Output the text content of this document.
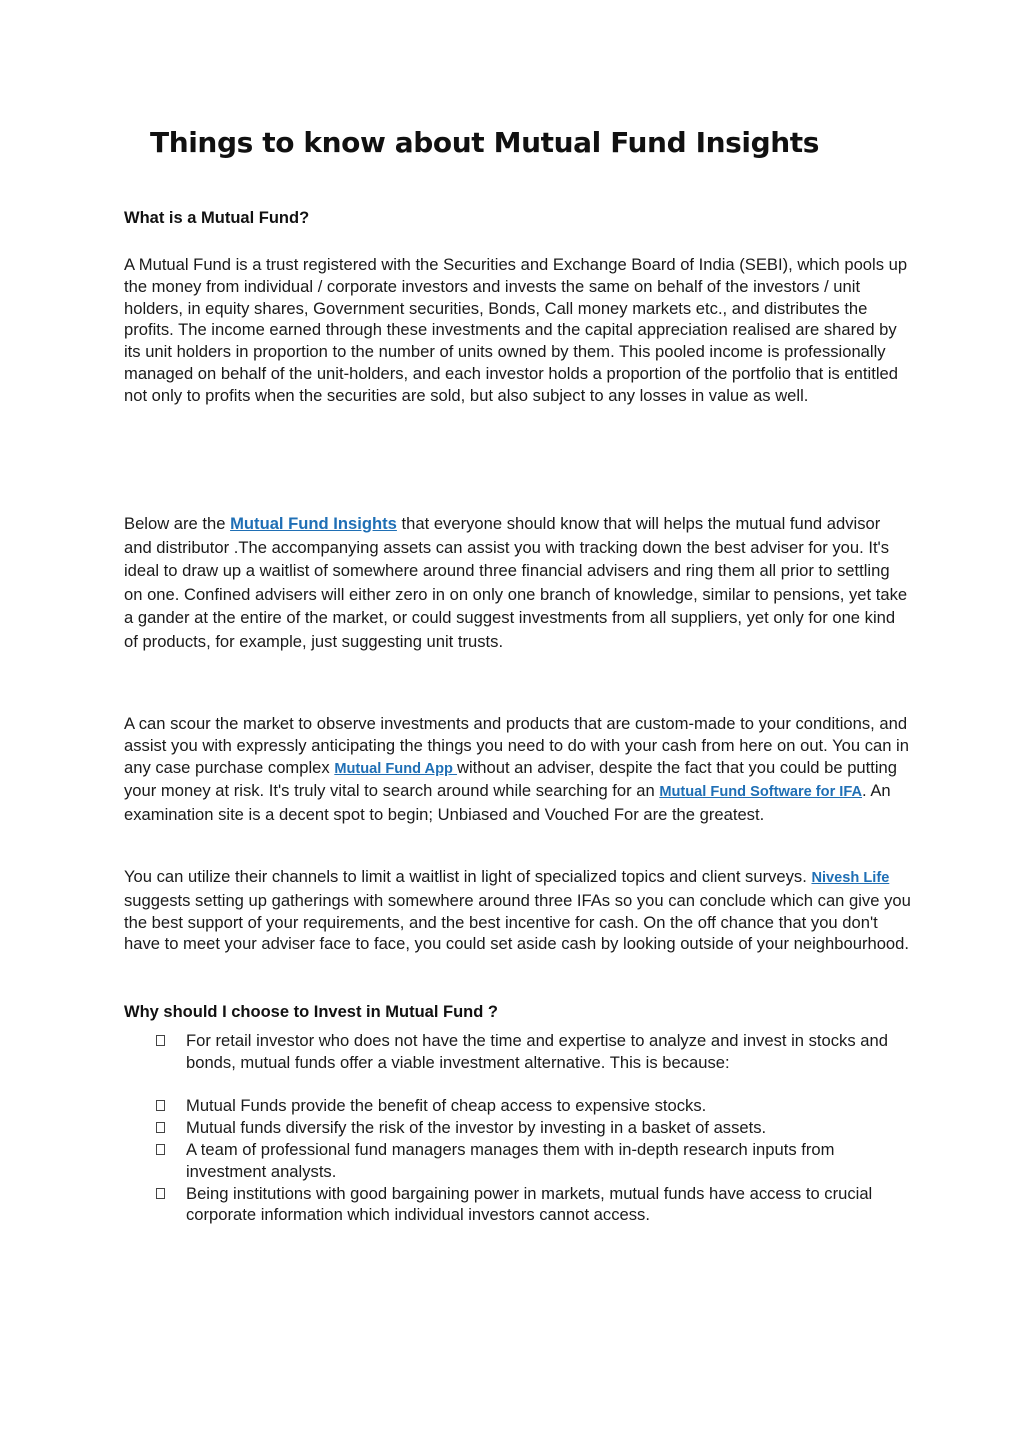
Things to know about Mutual Fund Insights
What is a Mutual Fund?

A Mutual Fund is a trust registered with the Securities and Exchange Board of India (SEBI), which pools up the money from individual / corporate investors and invests the same on behalf of the investors / unit holders, in equity shares, Government securities, Bonds, Call money markets etc., and distributes the profits. The income earned through these investments and the capital appreciation realised are shared by its unit holders in proportion to the number of units owned by them. This pooled income is professionally managed on behalf of the unit-holders, and each investor holds a proportion of the portfolio that is entitled not only to profits when the securities are sold, but also subject to any losses in value as well.

Below are the Mutual Fund Insights that everyone should know that will helps the mutual fund advisor and distributor .The accompanying assets can assist you with tracking down the best adviser for you. It's ideal to draw up a waitlist of somewhere around three financial advisers and ring them all prior to settling on one. Confined advisers will either zero in on only one branch of knowledge, similar to pensions, yet take a gander at the entire of the market, or could suggest investments from all suppliers, yet only for one kind of products, for example, just suggesting unit trusts.

A can scour the market to observe investments and products that are custom-made to your conditions, and assist you with expressly anticipating the things you need to do with your cash from here on out. You can in any case purchase complex Mutual Fund App without an adviser, despite the fact that you could be putting your money at risk. It's truly vital to search around while searching for an Mutual Fund Software for IFA. An examination site is a decent spot to begin; Unbiased and Vouched For are the greatest.

You can utilize their channels to limit a waitlist in light of specialized topics and client surveys. Nivesh Life suggests setting up gatherings with somewhere around three IFAs so you can conclude which can give you the best support of your requirements, and the best incentive for cash. On the off chance that you don't have to meet your adviser face to face, you could set aside cash by looking outside of your neighbourhood.

Why should I choose to Invest in Mutual Fund ?
For retail investor who does not have the time and expertise to analyze and invest in stocks and bonds, mutual funds offer a viable investment alternative. This is because:
Mutual Funds provide the benefit of cheap access to expensive stocks.
Mutual funds diversify the risk of the investor by investing in a basket of assets.
A team of professional fund managers manages them with in-depth research inputs from investment analysts.
Being institutions with good bargaining power in markets, mutual funds have access to crucial corporate information which individual investors cannot access.
